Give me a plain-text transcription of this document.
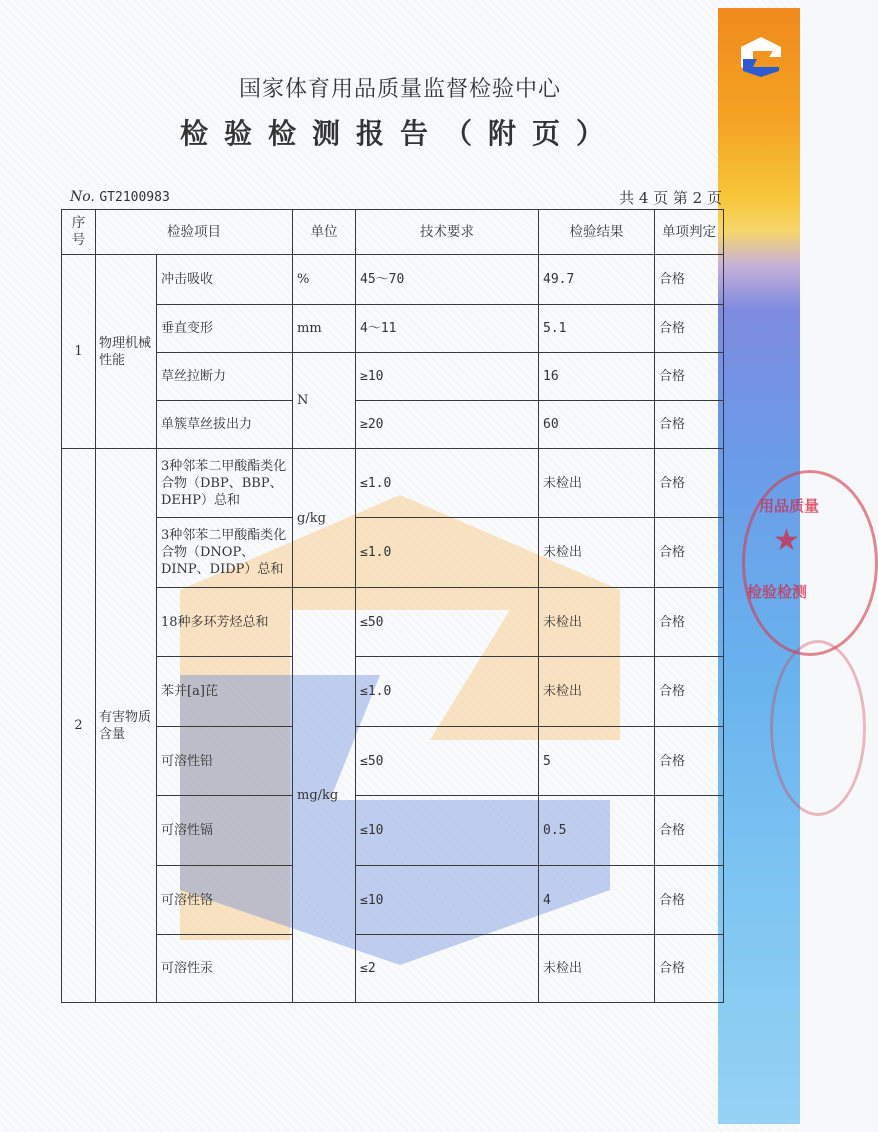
用品质量
★
检验检测
国家体育用品质量监督检验中心
检验检测报告（附页）
No. GT2100983	共 4 页 第 2 页
序号	检验项目		单位	技术要求	检验结果	单项判定
1	物理机械性能	冲击吸收	%	45～70	49.7	合格
		垂直变形	mm	4～11	5.1	合格
		草丝拉断力	N	≥10	16	合格
		单簇草丝拔出力		≥20	60	合格
2	有害物质含量	3种邻苯二甲酸酯类化合物（DBP、BBP、DEHP）总和	g/kg	≤1.0	未检出	合格
		3种邻苯二甲酸酯类化合物（DNOP、DINP、DIDP）总和		≤1.0	未检出	合格
		18种多环芳烃总和	mg/kg	≤50	未检出	合格
		苯并[a]芘		≤1.0	未检出	合格
		可溶性铅		≤50	5	合格
		可溶性镉		≤10	0.5	合格
		可溶性铬		≤10	4	合格
		可溶性汞		≤2	未检出	合格
